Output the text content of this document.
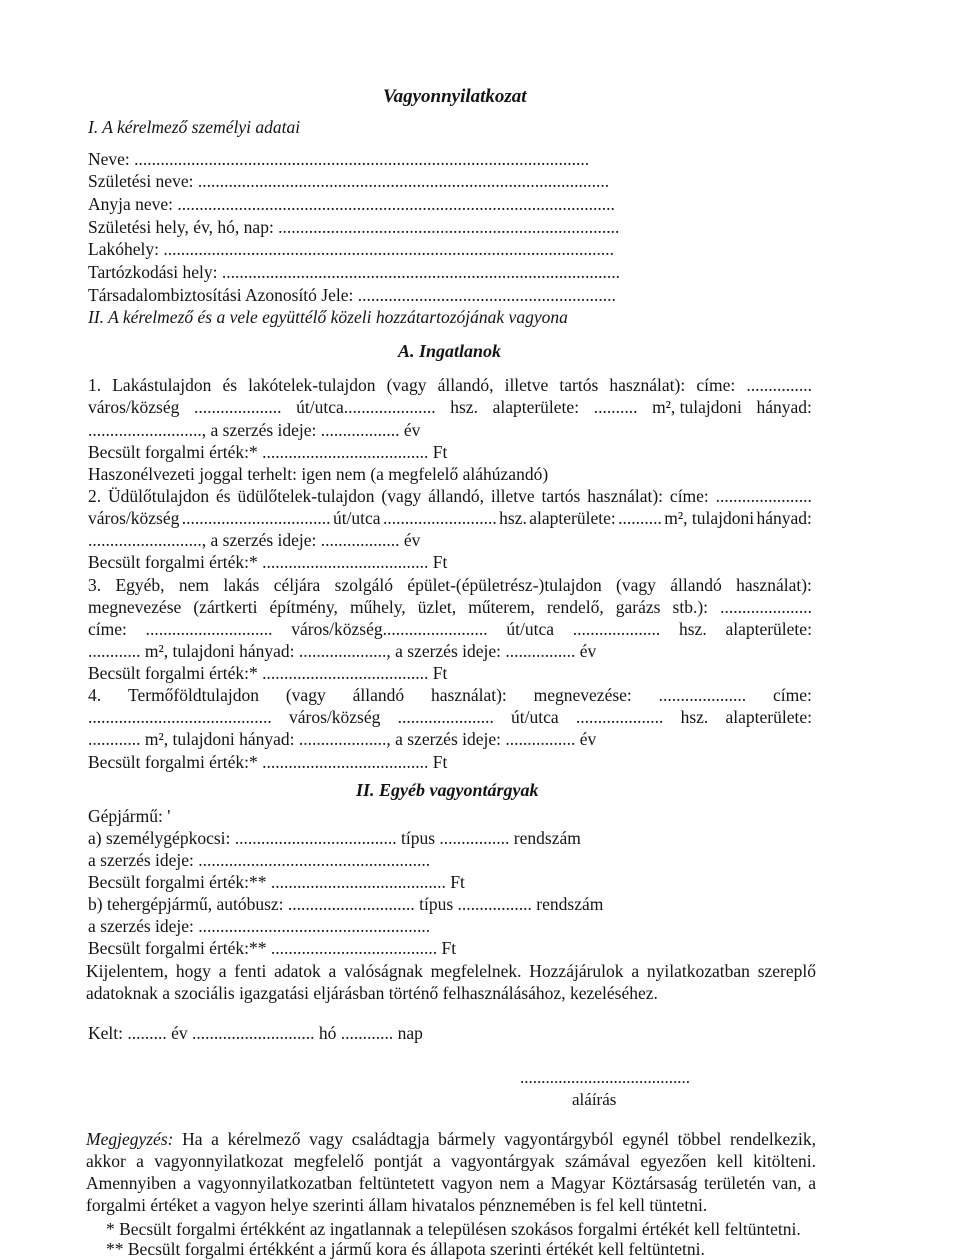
Vagyonnyilatkozat
I. A kérelmező személyi adatai
Neve: ........................................................................................................
Születési neve: ..............................................................................................
Anyja neve: ....................................................................................................
Születési hely, év, hó, nap: ..............................................................................
Lakóhely: .......................................................................................................
Tartózkodási hely: ...........................................................................................
Társadalombiztosítási Azonosító Jele: ...........................................................
II. A kérelmező és a vele együttélő közeli hozzátartozójának vagyona
A. Ingatlanok
1. Lakástulajdon és lakótelek-tulajdon (vagy állandó, illetve tartós használat): címe: ...............
város/község .................... út/utca..................... hsz. alapterülete: .......... m², tulajdoni hányad:
.........................., a szerzés ideje: .................. év
Becsült forgalmi érték:* ...................................... Ft
Haszonélvezeti joggal terhelt: igen nem (a megfelelő aláhúzandó)
2. Üdülőtulajdon és üdülőtelek-tulajdon (vagy állandó, illetve tartós használat): címe: ......................
város/község .................................. út/utca .......................... hsz. alapterülete: .......... m², tulajdoni hányad:
.........................., a szerzés ideje: .................. év
Becsült forgalmi érték:* ...................................... Ft
3. Egyéb, nem lakás céljára szolgáló épület-(épületrész-)tulajdon (vagy állandó használat):
megnevezése (zártkerti építmény, műhely, üzlet, műterem, rendelő, garázs stb.): .....................
címe: ............................. város/község........................ út/utca .................... hsz. alapterülete:
............ m², tulajdoni hányad: ...................., a szerzés ideje: ................ év
Becsült forgalmi érték:* ...................................... Ft
4. Termőföldtulajdon (vagy állandó használat): megnevezése: .................... címe:
.......................................... város/község ...................... út/utca .................... hsz. alapterülete:
............ m², tulajdoni hányad: ...................., a szerzés ideje: ................ év
Becsült forgalmi érték:* ...................................... Ft
II. Egyéb vagyontárgyak
Gépjármű: '
a) személygépkocsi: ..................................... típus ................ rendszám
a szerzés ideje: .....................................................
Becsült forgalmi érték:** ........................................ Ft
b) tehergépjármű, autóbusz: ............................. típus ................. rendszám
a szerzés ideje: .....................................................
Becsült forgalmi érték:** ...................................... Ft
Kijelentem, hogy a fenti adatok a valóságnak megfelelnek. Hozzájárulok a nyilatkozatban szereplő adatoknak a szociális igazgatási eljárásban történő felhasználásához, kezeléséhez.
Kelt: ......... év ............................ hó ............ nap
........................................
aláírás
Megjegyzés: Ha a kérelmező vagy családtagja bármely vagyontárgyból egynél többel rendelkezik, akkor a vagyonnyilatkozat megfelelő pontját a vagyontárgyak számával egyezően kell kitölteni. Amennyiben a vagyonnyilatkozatban feltüntetett vagyon nem a Magyar Köztársaság területén van, a forgalmi értéket a vagyon helye szerinti állam hivatalos pénznemében is fel kell tüntetni.
* Becsült forgalmi értékként az ingatlannak a településen szokásos forgalmi értékét kell feltüntetni.
** Becsült forgalmi értékként a jármű kora és állapota szerinti értékét kell feltüntetni.
